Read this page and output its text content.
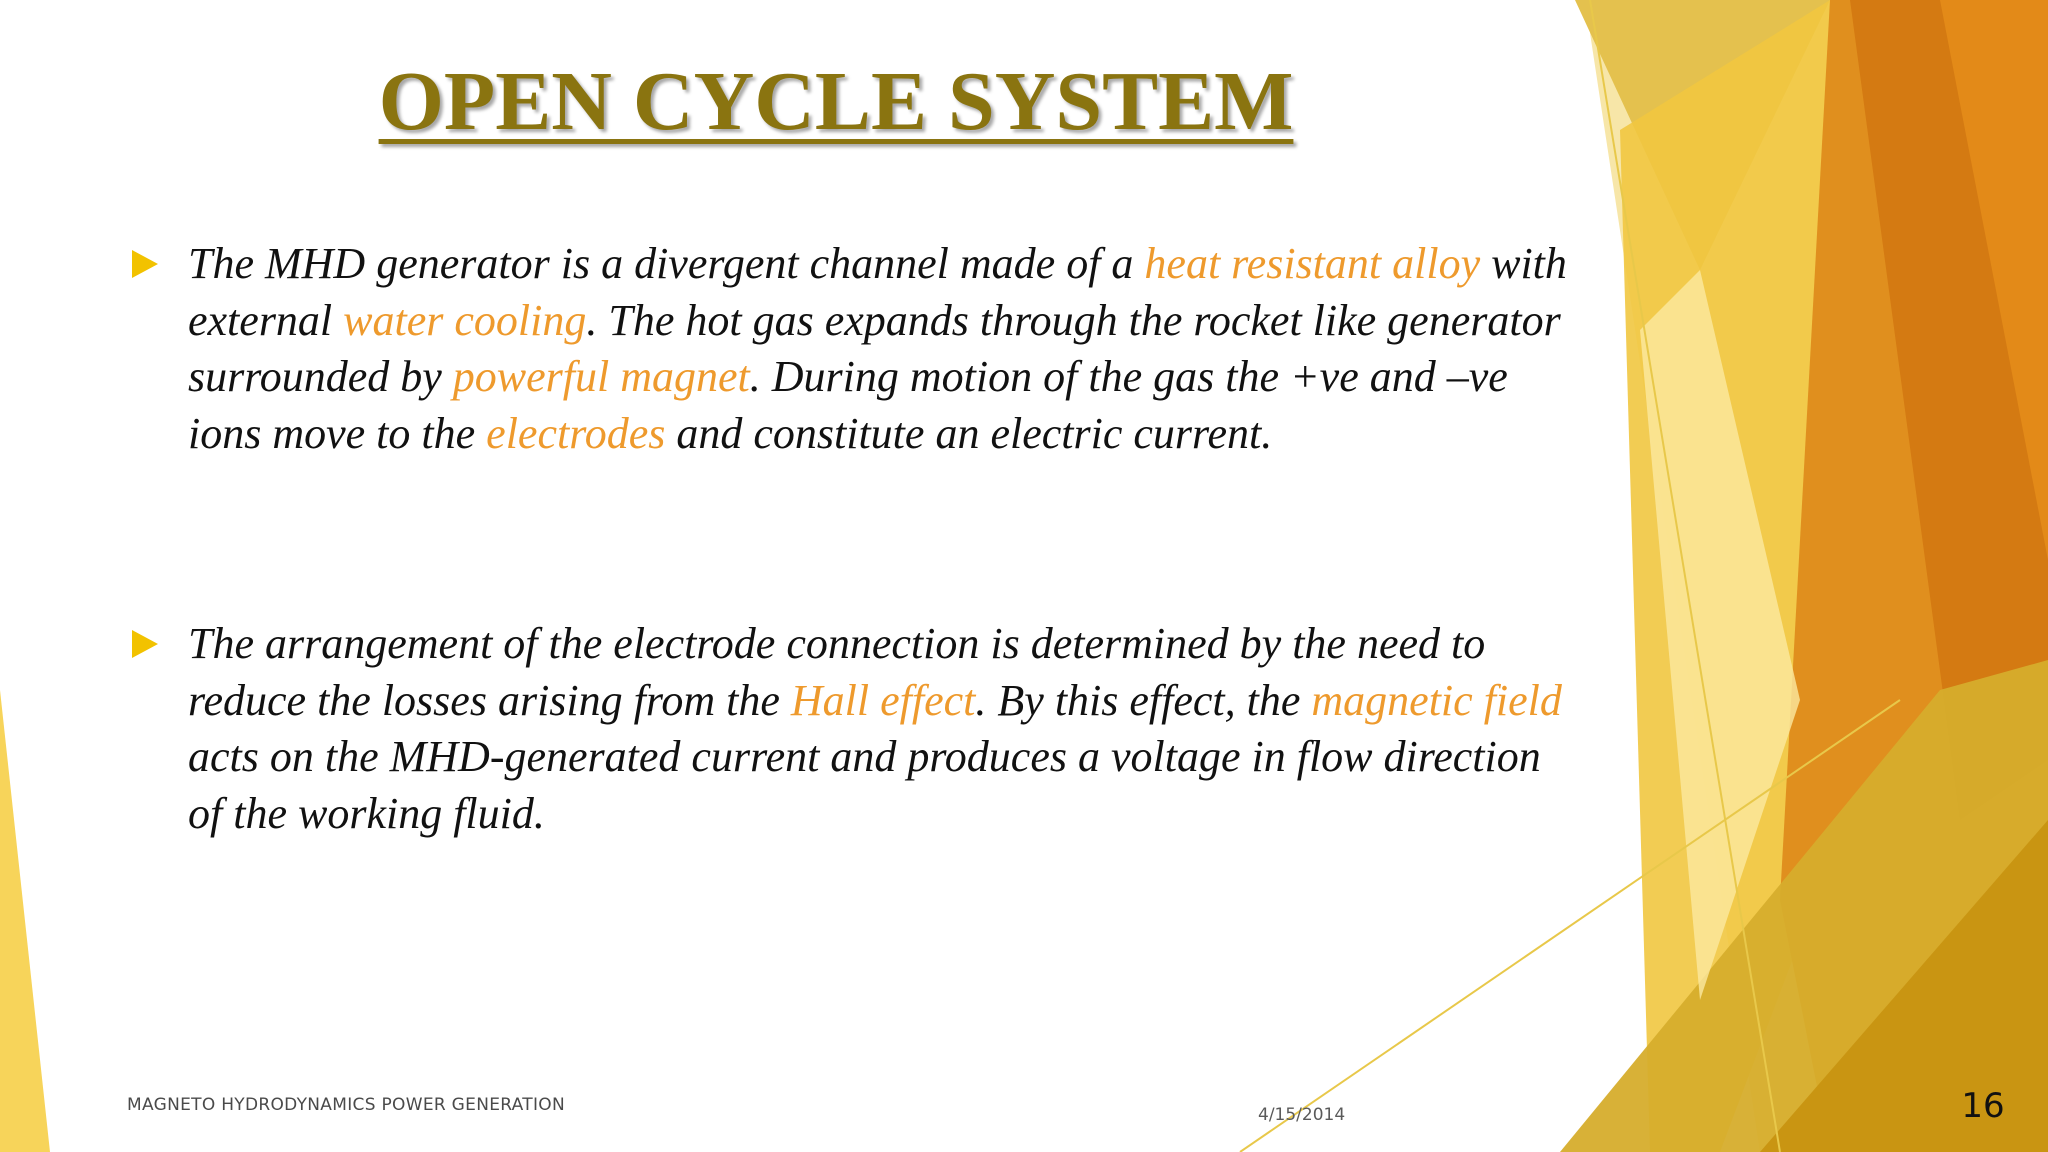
OPEN CYCLE SYSTEM
The MHD generator is a divergent channel made of a heat resistant alloy with external water cooling. The hot gas expands through the rocket like generator surrounded by powerful magnet. During motion of the gas the +ve and –ve ions move to the electrodes and constitute an electric current.
The arrangement of the electrode connection is determined by the need to reduce the losses arising from the Hall effect. By this effect, the magnetic field acts on the MHD-generated current and produces a voltage in flow direction of the working fluid.
MAGNETO HYDRODYNAMICS POWER GENERATION	4/15/2014	16
